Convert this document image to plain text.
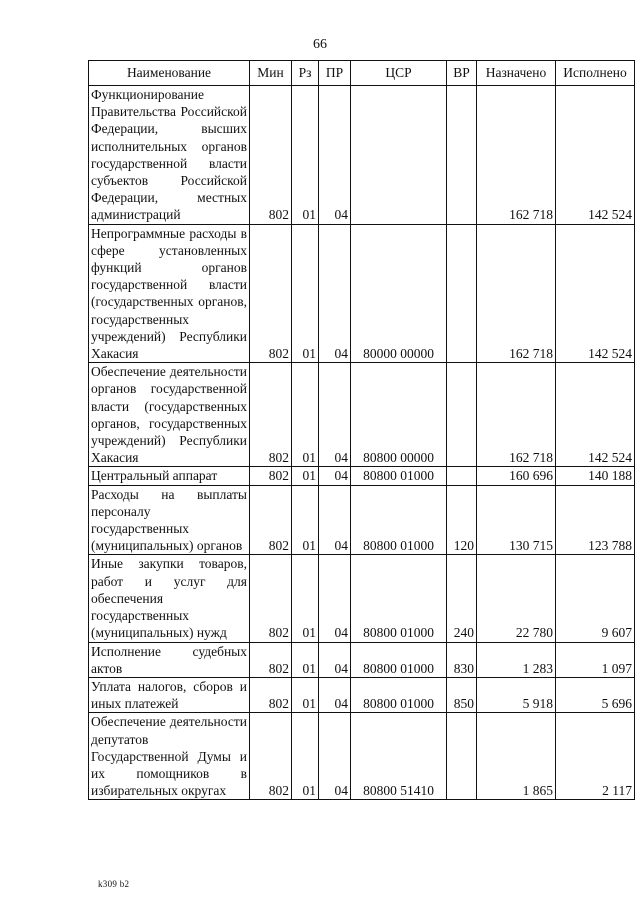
66
Наименование	Мин	Рз	ПР	ЦСР	ВР	Назначено	Исполнено
Функционирование Правительства Российской Федерации, высших исполнительных органов государственной власти субъектов Российской Федерации, местных администраций	802	01	04			162 718	142 524
Непрограммные расходы в сфере установленных функций органов государственной власти (государственных органов, государственных учреждений) Республики Хакасия	802	01	04	80000 00000		162 718	142 524
Обеспечение деятельности органов государственной власти (государственных органов, государственных учреждений) Республики Хакасия	802	01	04	80800 00000		162 718	142 524
Центральный аппарат	802	01	04	80800 01000		160 696	140 188
Расходы на выплаты персоналу государственных (муниципальных) органов	802	01	04	80800 01000	120	130 715	123 788
Иные закупки товаров, работ и услуг для обеспечения государственных (муниципальных) нужд	802	01	04	80800 01000	240	22 780	9 607
Исполнение судебных актов	802	01	04	80800 01000	830	1 283	1 097
Уплата налогов, сборов и иных платежей	802	01	04	80800 01000	850	5 918	5 696
Обеспечение деятельности депутатов Государственной Думы и их помощников в избирательных округах	802	01	04	80800 51410		1 865	2 117
k309 b2
